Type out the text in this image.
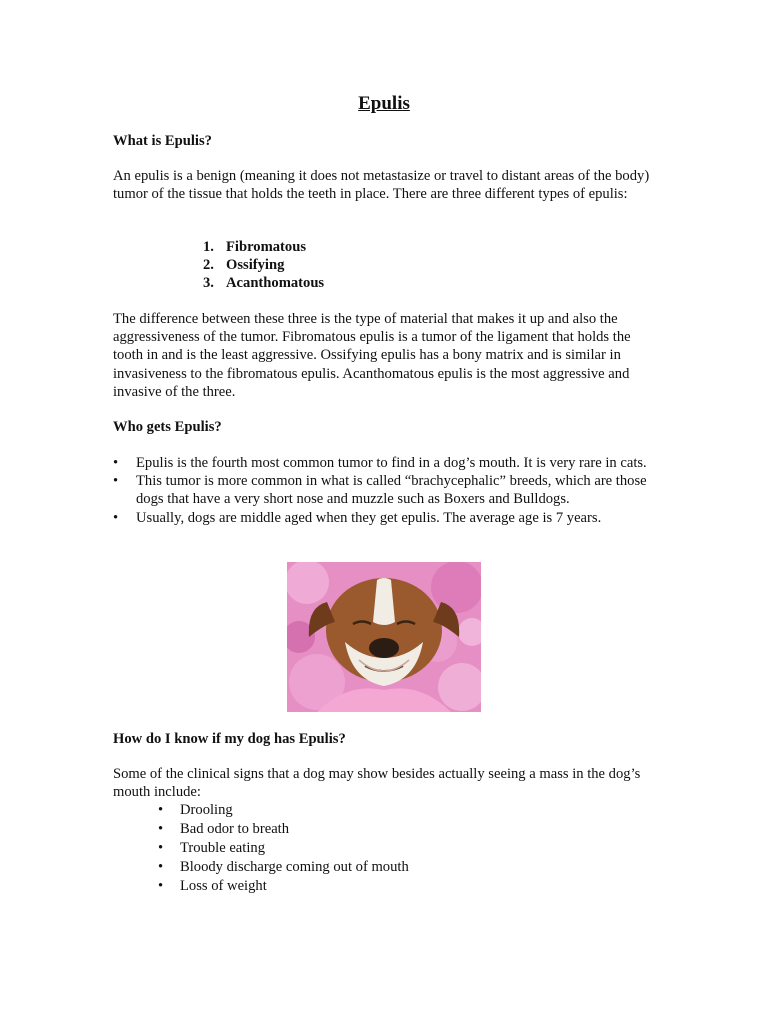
Epulis
What is Epulis?

An epulis is a benign (meaning it does not metastasize or travel to distant areas of the body) tumor of the tissue that holds the teeth in place. There are three different types of epulis:

1. Fibromatous
2. Ossifying
3. Acanthomatous

The difference between these three is the type of material that makes it up and also the aggressiveness of the tumor. Fibromatous epulis is a tumor of the ligament that holds the tooth in and is the least aggressive. Ossifying epulis has a bony matrix and is similar in invasiveness to the fibromatous epulis. Acanthomatous epulis is the most aggressive and invasive of the three.

Who gets Epulis?
• Epulis is the fourth most common tumor to find in a dog’s mouth. It is very rare in cats.
• This tumor is more common in what is called “brachycephalic” breeds, which are those dogs that have a very short nose and muzzle such as Boxers and Bulldogs.
• Usually, dogs are middle aged when they get epulis. The average age is 7 years.
How do I know if my dog has Epulis?

Some of the clinical signs that a dog may show besides actually seeing a mass in the dog’s mouth include:

• Drooling
• Bad odor to breath
• Trouble eating
• Bloody discharge coming out of mouth
• Loss of weight
